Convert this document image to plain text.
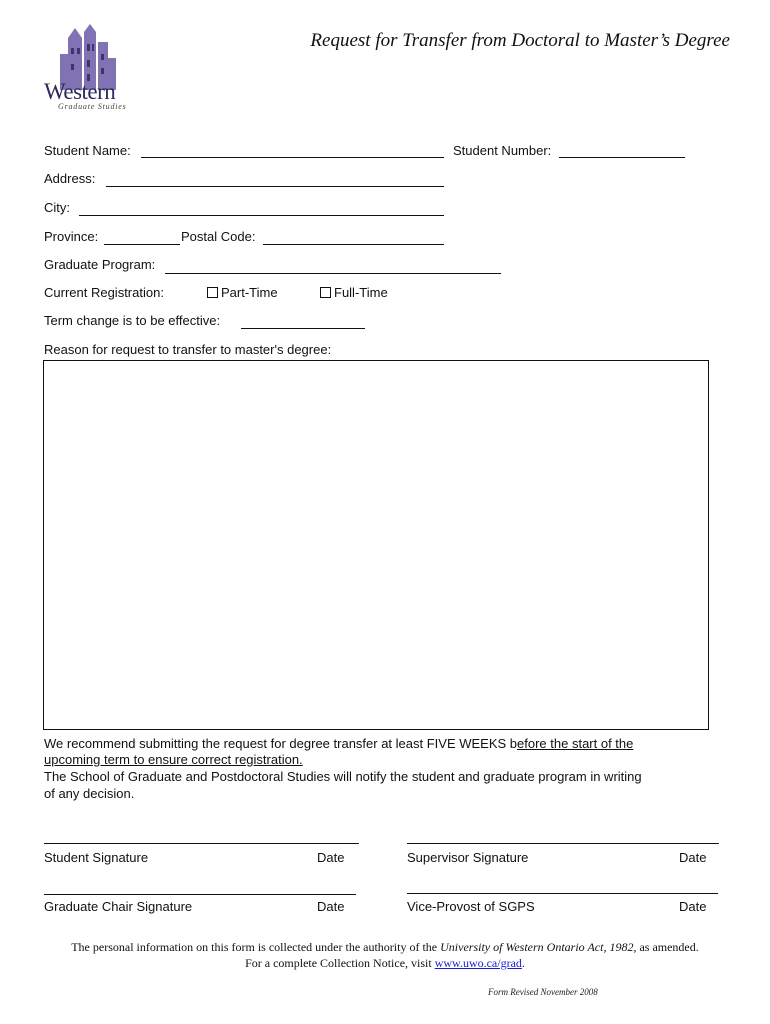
Western
Graduate Studies
Request for Transfer from Doctoral to Master’s Degree
Student Name:	Student Number:
Address:
City:
Province:	Postal Code:
Graduate Program:
Current Registration:	Part-Time	Full-Time
Term change is to be effective:
Reason for request to transfer to master's degree:
We recommend submitting the request for degree transfer at least FIVE WEEKS before the start of the
upcoming term to ensure correct registration.
The School of Graduate and Postdoctoral Studies will notify the student and graduate program in writing
of any decision.
Student Signature	Date	Supervisor Signature	Date
Graduate Chair Signature	Date	Vice-Provost of SGPS	Date
The personal information on this form is collected under the authority of the University of Western Ontario Act, 1982, as amended.
For a complete Collection Notice, visit www.uwo.ca/grad.
Form Revised November 2008
